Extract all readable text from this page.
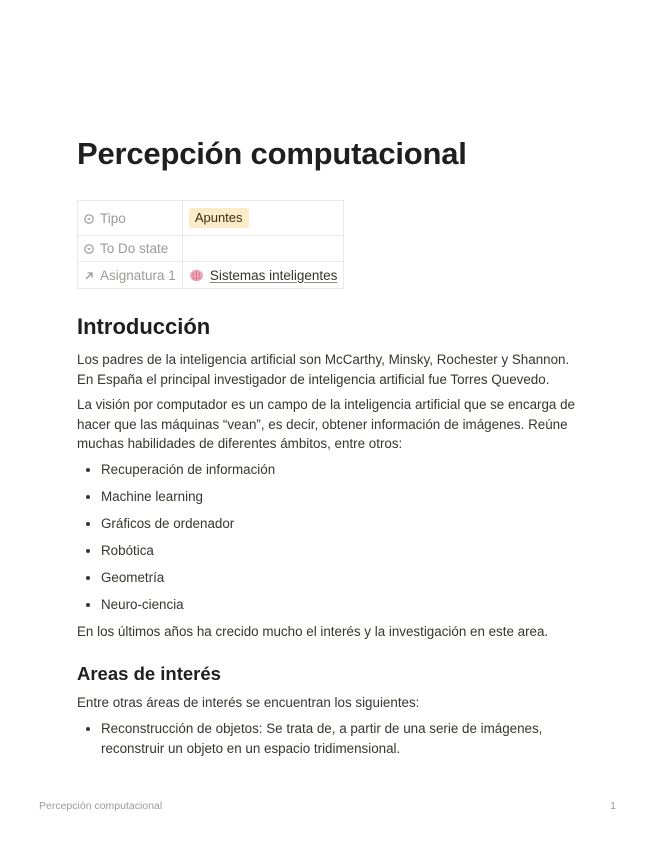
Percepción computacional
Tipo	Apuntes
To Do state	
Asignatura 1	Sistemas inteligentes
Introducción

Los padres de la inteligencia artificial son McCarthy, Minsky, Rochester y Shannon. En España el principal investigador de inteligencia artificial fue Torres Quevedo.

La visión por computador es un campo de la inteligencia artificial que se encarga de hacer que las máquinas “vean”, es decir, obtener información de imágenes. Reúne muchas habilidades de diferentes ámbitos, entre otros:

• Recuperación de información
• Machine learning
• Gráficos de ordenador
• Robótica
• Geometría
• Neuro-ciencia

En los últimos años ha crecido mucho el interés y la investigación en este area.

Areas de interés

Entre otras áreas de interés se encuentran los siguientes:

• Reconstrucción de objetos: Se trata de, a partir de una serie de imágenes, reconstruir un objeto en un espacio tridimensional.
Percepción computacional	1
